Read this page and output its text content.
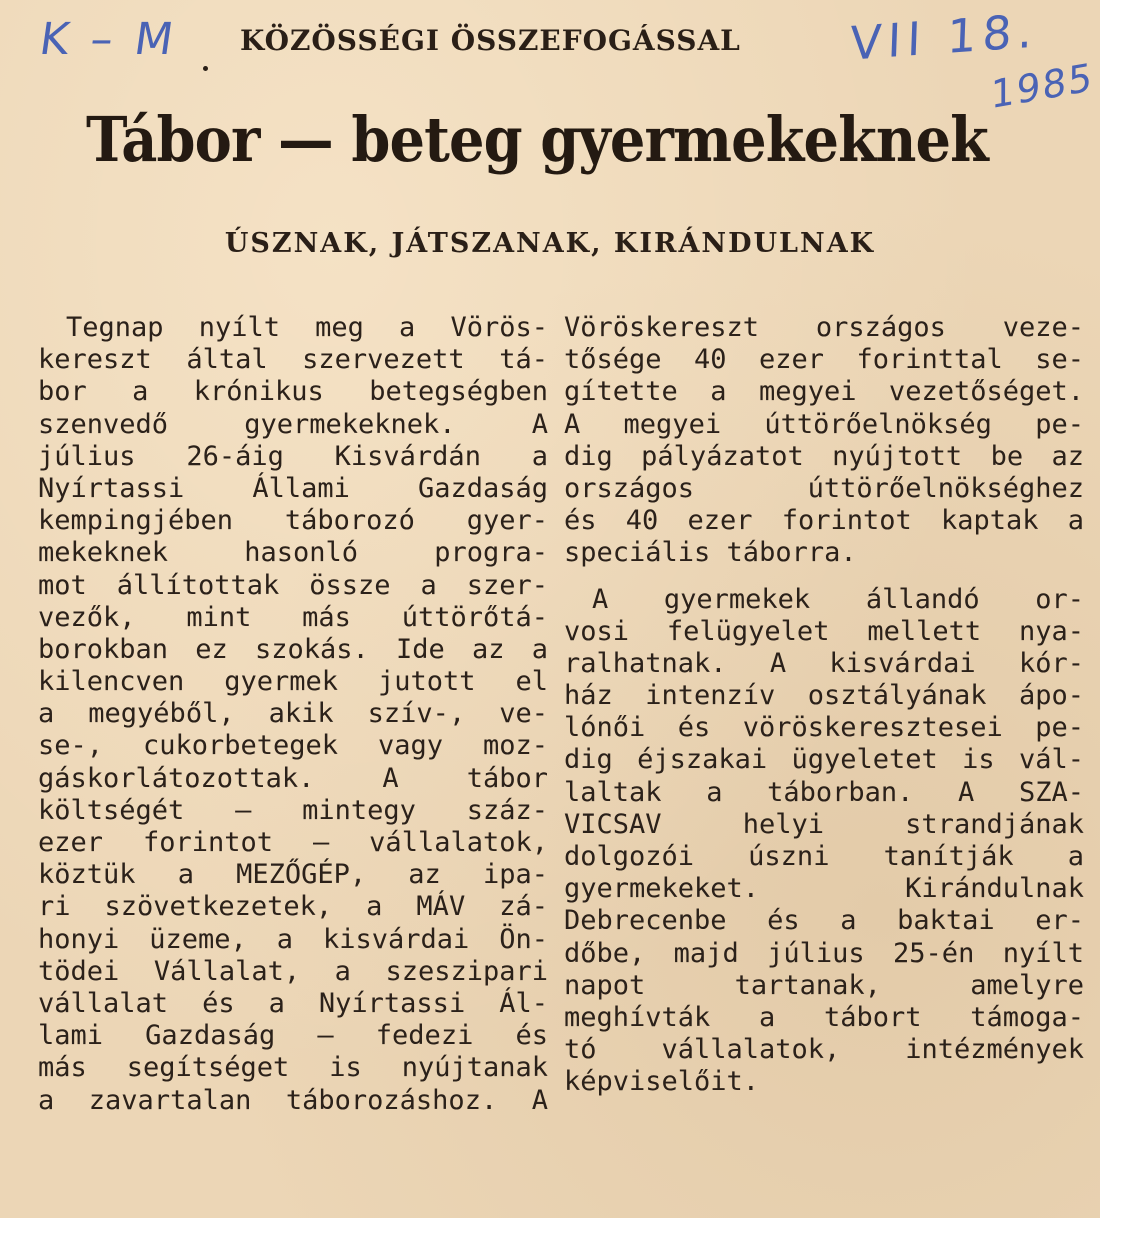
K – M KÖZÖSSÉGI ÖSSZEFOGÁSSAL VII 18.
1985
Tábor — beteg gyermekeknek
ÚSZNAK, JÁTSZANAK, KIRÁNDULNAK
Tegnap nyílt meg a Vörös-
kereszt által szervezett tá-
bor a krónikus betegségben
szenvedő gyermekeknek. A
július 26-áig Kisvárdán a
Nyírtassi Állami Gazdaság
kempingjében táborozó gyer-
mekeknek hasonló progra-
mot állítottak össze a szer-
vezők, mint más úttörőtá-
borokban ez szokás. Ide az a
kilencven gyermek jutott el
a megyéből, akik szív-, ve-
se-, cukorbetegek vagy moz-
gáskorlátozottak. A tábor
költségét — mintegy száz-
ezer forintot — vállalatok,
köztük a MEZŐGÉP, az ipa-
ri szövetkezetek, a MÁV zá-
honyi üzeme, a kisvárdai Ön-
tödei Vállalat, a szeszipari
vállalat és a Nyírtassi Ál-
lami Gazdaság — fedezi és
más segítséget is nyújtanak
a zavartalan táborozáshoz. A
Vöröskereszt országos veze-
tősége 40 ezer forinttal se-
gítette a megyei vezetőséget.
A megyei úttörőelnökség pe-
dig pályázatot nyújtott be az
országos úttörőelnökséghez
és 40 ezer forintot kaptak a
speciális táborra.
A gyermekek állandó or-
vosi felügyelet mellett nya-
ralhatnak. A kisvárdai kór-
ház intenzív osztályának ápo-
lónői és vöröskeresztesei pe-
dig éjszakai ügyeletet is vál-
laltak a táborban. A SZA-
VICSAV helyi strandjának
dolgozói úszni tanítják a
gyermekeket. Kirándulnak
Debrecenbe és a baktai er-
dőbe, majd július 25-én nyílt
napot tartanak, amelyre
meghívták a tábort támoga-
tó vállalatok, intézmények
képviselőit.
